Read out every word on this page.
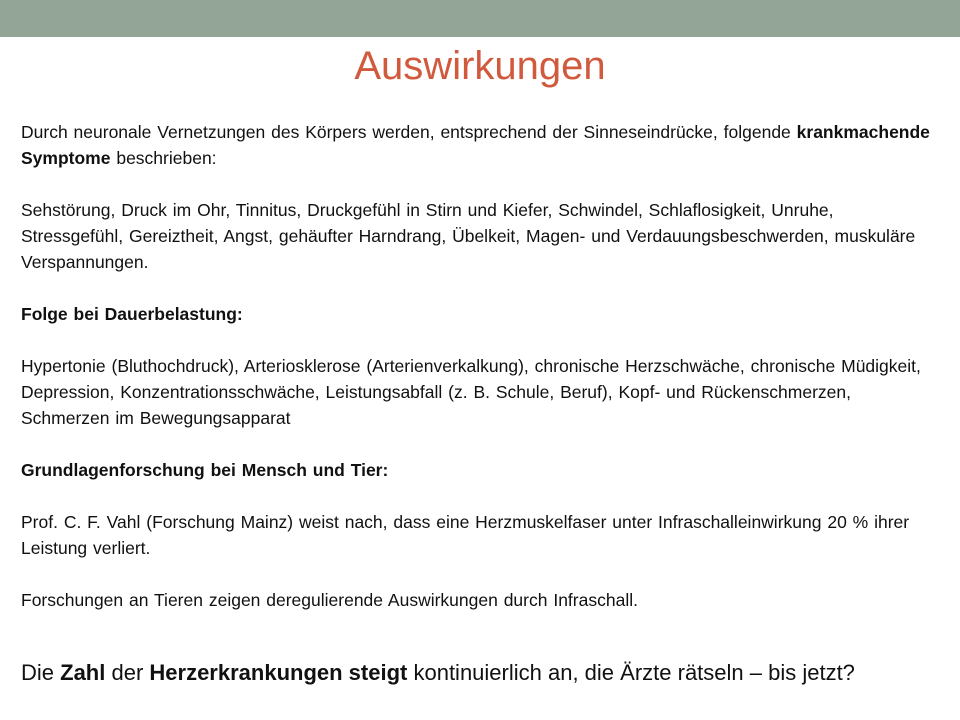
Auswirkungen

Durch neuronale Vernetzungen des Körpers werden, entsprechend der Sinneseindrücke, folgende krankmachende Symptome beschrieben:

Sehstörung, Druck im Ohr, Tinnitus, Druckgefühl in Stirn und Kiefer, Schwindel, Schlaflosigkeit, Unruhe, Stressgefühl, Gereiztheit, Angst, gehäufter Harndrang, Übelkeit, Magen- und Verdauungsbeschwerden, muskuläre Verspannungen.

Folge bei Dauerbelastung:

Hypertonie (Bluthochdruck), Arteriosklerose (Arterienverkalkung), chronische Herzschwäche, chronische Müdigkeit, Depression, Konzentrationsschwäche, Leistungsabfall (z. B. Schule, Beruf), Kopf- und Rückenschmerzen, Schmerzen im Bewegungsapparat

Grundlagenforschung bei Mensch und Tier:

Prof. C. F. Vahl (Forschung Mainz) weist nach, dass eine Herzmuskelfaser unter Infraschalleinwirkung 20 % ihrer Leistung verliert.

Forschungen an Tieren zeigen deregulierende Auswirkungen durch Infraschall.

Die Zahl der Herzerkrankungen steigt kontinuierlich an, die Ärzte rätseln – bis jetzt?
